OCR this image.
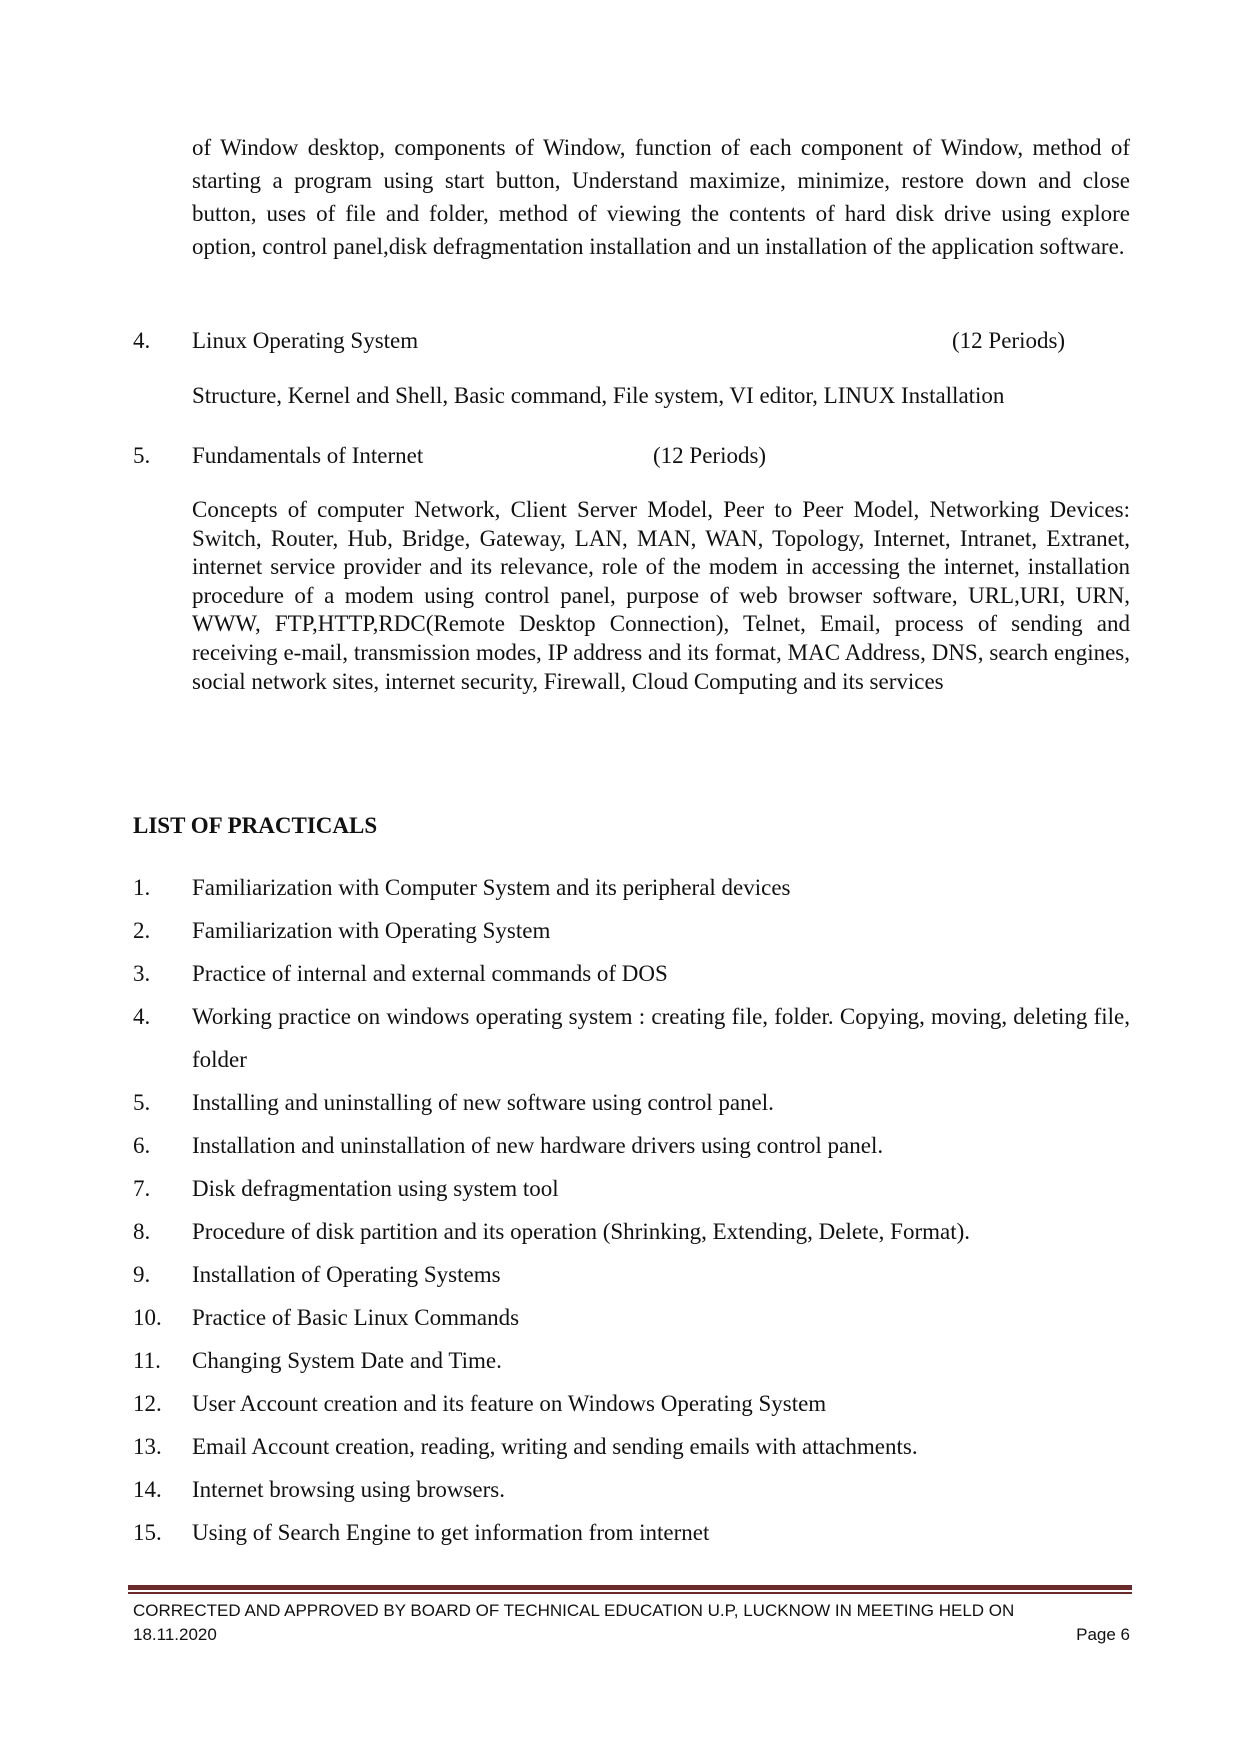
of Window desktop, components of Window, function of each component of Window, method of starting a program using start button, Understand maximize, minimize, restore down and close button, uses of file and folder, method of viewing the contents of hard disk drive using explore option, control panel,disk defragmentation installation and un installation of the application software.

4. Linux Operating System	(12 Periods)

Structure, Kernel and Shell, Basic command, File system, VI editor, LINUX Installation

5. Fundamentals of Internet	(12 Periods)

Concepts of computer Network, Client Server Model, Peer to Peer Model, Networking Devices: Switch, Router, Hub, Bridge, Gateway, LAN, MAN, WAN, Topology, Internet, Intranet, Extranet, internet service provider and its relevance, role of the modem in accessing the internet, installation procedure of a modem using control panel, purpose of web browser software, URL,URI, URN, WWW, FTP,HTTP,RDC(Remote Desktop Connection), Telnet, Email, process of sending and receiving e-mail, transmission modes, IP address and its format, MAC Address, DNS, search engines, social network sites, internet security, Firewall, Cloud Computing and its services

LIST OF PRACTICALS
1. Familiarization with Computer System and its peripheral devices
2. Familiarization with Operating System
3. Practice of internal and external commands of DOS
4. Working practice on windows operating system : creating file, folder. Copying, moving, deleting file, folder
5. Installing and uninstalling of new software using control panel.
6. Installation and uninstallation of new hardware drivers using control panel.
7. Disk defragmentation using system tool
8. Procedure of disk partition and its operation (Shrinking, Extending, Delete, Format).
9. Installation of Operating Systems
10. Practice of Basic Linux Commands
11. Changing System Date and Time.
12. User Account creation and its feature on Windows Operating System
13. Email Account creation, reading, writing and sending emails with attachments.
14. Internet browsing using browsers.
15. Using of Search Engine to get information from internet
CORRECTED AND APPROVED BY BOARD OF TECHNICAL EDUCATION U.P, LUCKNOW IN MEETING HELD ON
18.11.2020	Page 6
